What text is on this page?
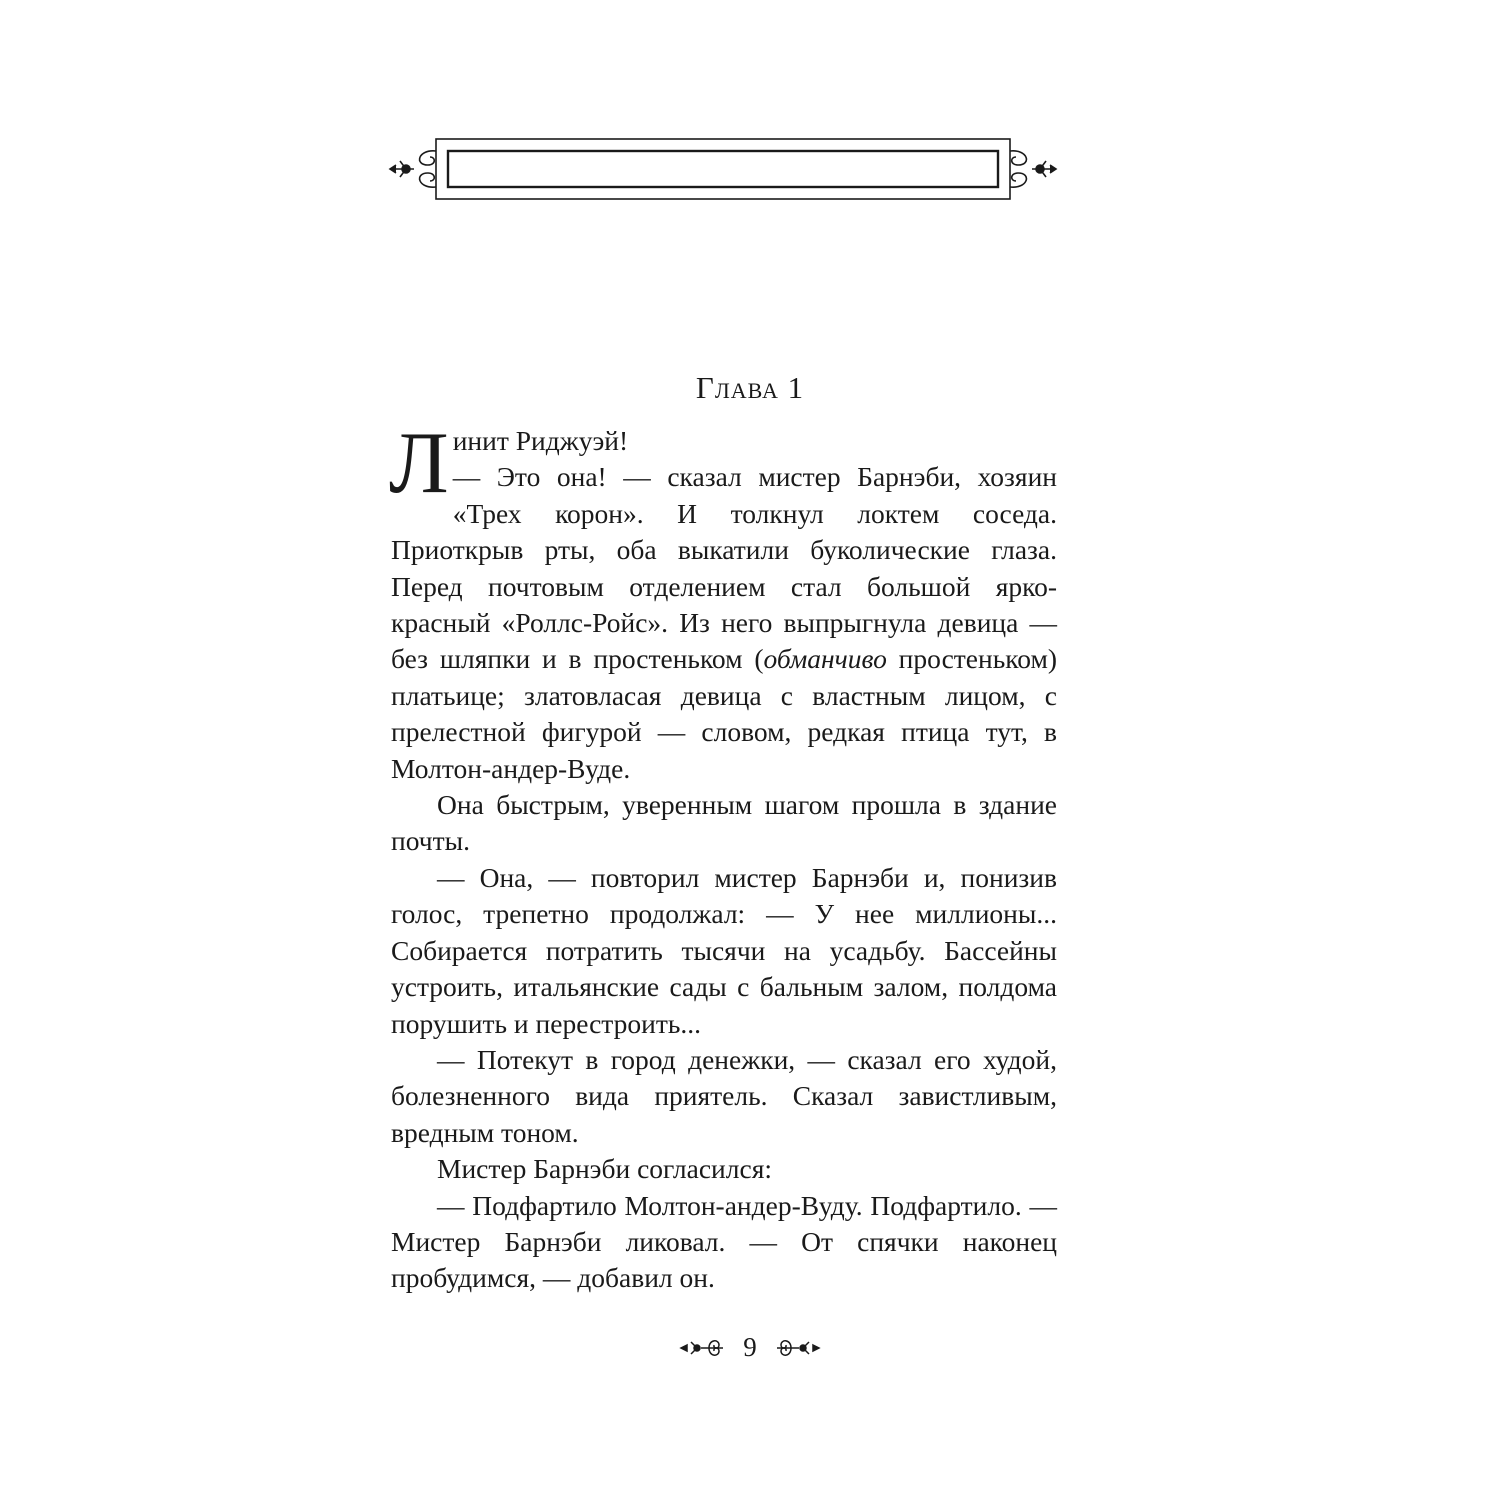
Глава 1

Линит Риджуэй!
— Это она! — сказал мистер Барнэби, хозяин «Трех корон». И толкнул локтем соседа. Приоткрыв рты, оба выкатили буколические глаза. Перед почтовым отделением стал большой ярко-красный «Роллс-Ройс». Из него выпрыгнула девица — без шляпки и в простеньком (обманчиво простеньком) платьице; златовласая девица с властным лицом, с прелестной фигурой — словом, редкая птица тут, в Молтон-андер-Вуде.

Она быстрым, уверенным шагом прошла в здание почты.

— Она, — повторил мистер Барнэби и, понизив голос, трепетно продолжал: — У нее миллионы... Собирается потратить тысячи на усадьбу. Бассейны устроить, итальянские сады с бальным залом, полдома порушить и перестроить...

— Потекут в город денежки, — сказал его худой, болезненного вида приятель. Сказал завистливым, вредным тоном.

Мистер Барнэби согласился:

— Подфартило Молтон-андер-Вуду. Подфартило. — Мистер Барнэби ликовал. — От спячки наконец пробудимся, — добавил он.

9
